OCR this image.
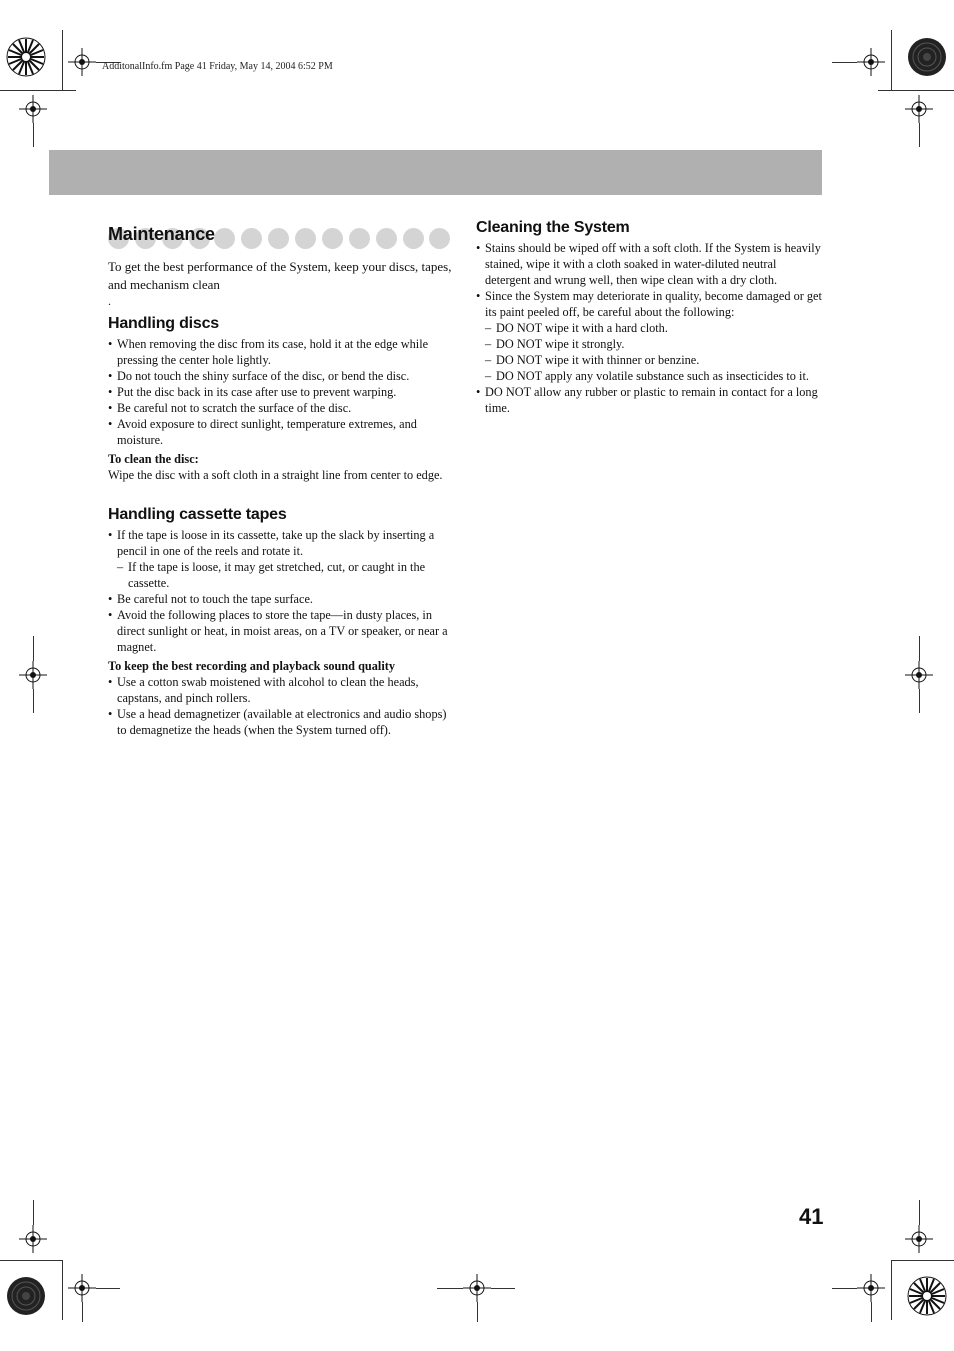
AdditonalInfo.fm Page 41 Friday, May 14, 2004 6:52 PM
Maintenance

To get the best performance of the System, keep your discs, tapes, and mechanism clean

.

Handling discs
• When removing the disc from its case, hold it at the edge while pressing the center hole lightly.
• Do not touch the shiny surface of the disc, or bend the disc.
• Put the disc back in its case after use to prevent warping.
• Be careful not to scratch the surface of the disc.
• Avoid exposure to direct sunlight, temperature extremes, and moisture.
To clean the disc:

Wipe the disc with a soft cloth in a straight line from center to edge.

Handling cassette tapes
• If the tape is loose in its cassette, take up the slack by inserting a pencil in one of the reels and rotate it.
– If the tape is loose, it may get stretched, cut, or caught in the cassette.
• Be careful not to touch the tape surface.
• Avoid the following places to store the tape—in dusty places, in direct sunlight or heat, in moist areas, on a TV or speaker, or near a magnet.
To keep the best recording and playback sound quality
• Use a cotton swab moistened with alcohol to clean the heads, capstans, and pinch rollers.
• Use a head demagnetizer (available at electronics and audio shops) to demagnetize the heads (when the System turned off).
Cleaning the System
• Stains should be wiped off with a soft cloth. If the System is heavily stained, wipe it with a cloth soaked in water-diluted neutral detergent and wrung well, then wipe clean with a dry cloth.
• Since the System may deteriorate in quality, become damaged or get its paint peeled off, be careful about the following:
– DO NOT wipe it with a hard cloth.
– DO NOT wipe it strongly.
– DO NOT wipe it with thinner or benzine.
– DO NOT apply any volatile substance such as insecticides to it.
• DO NOT allow any rubber or plastic to remain in contact for a long time.
41
